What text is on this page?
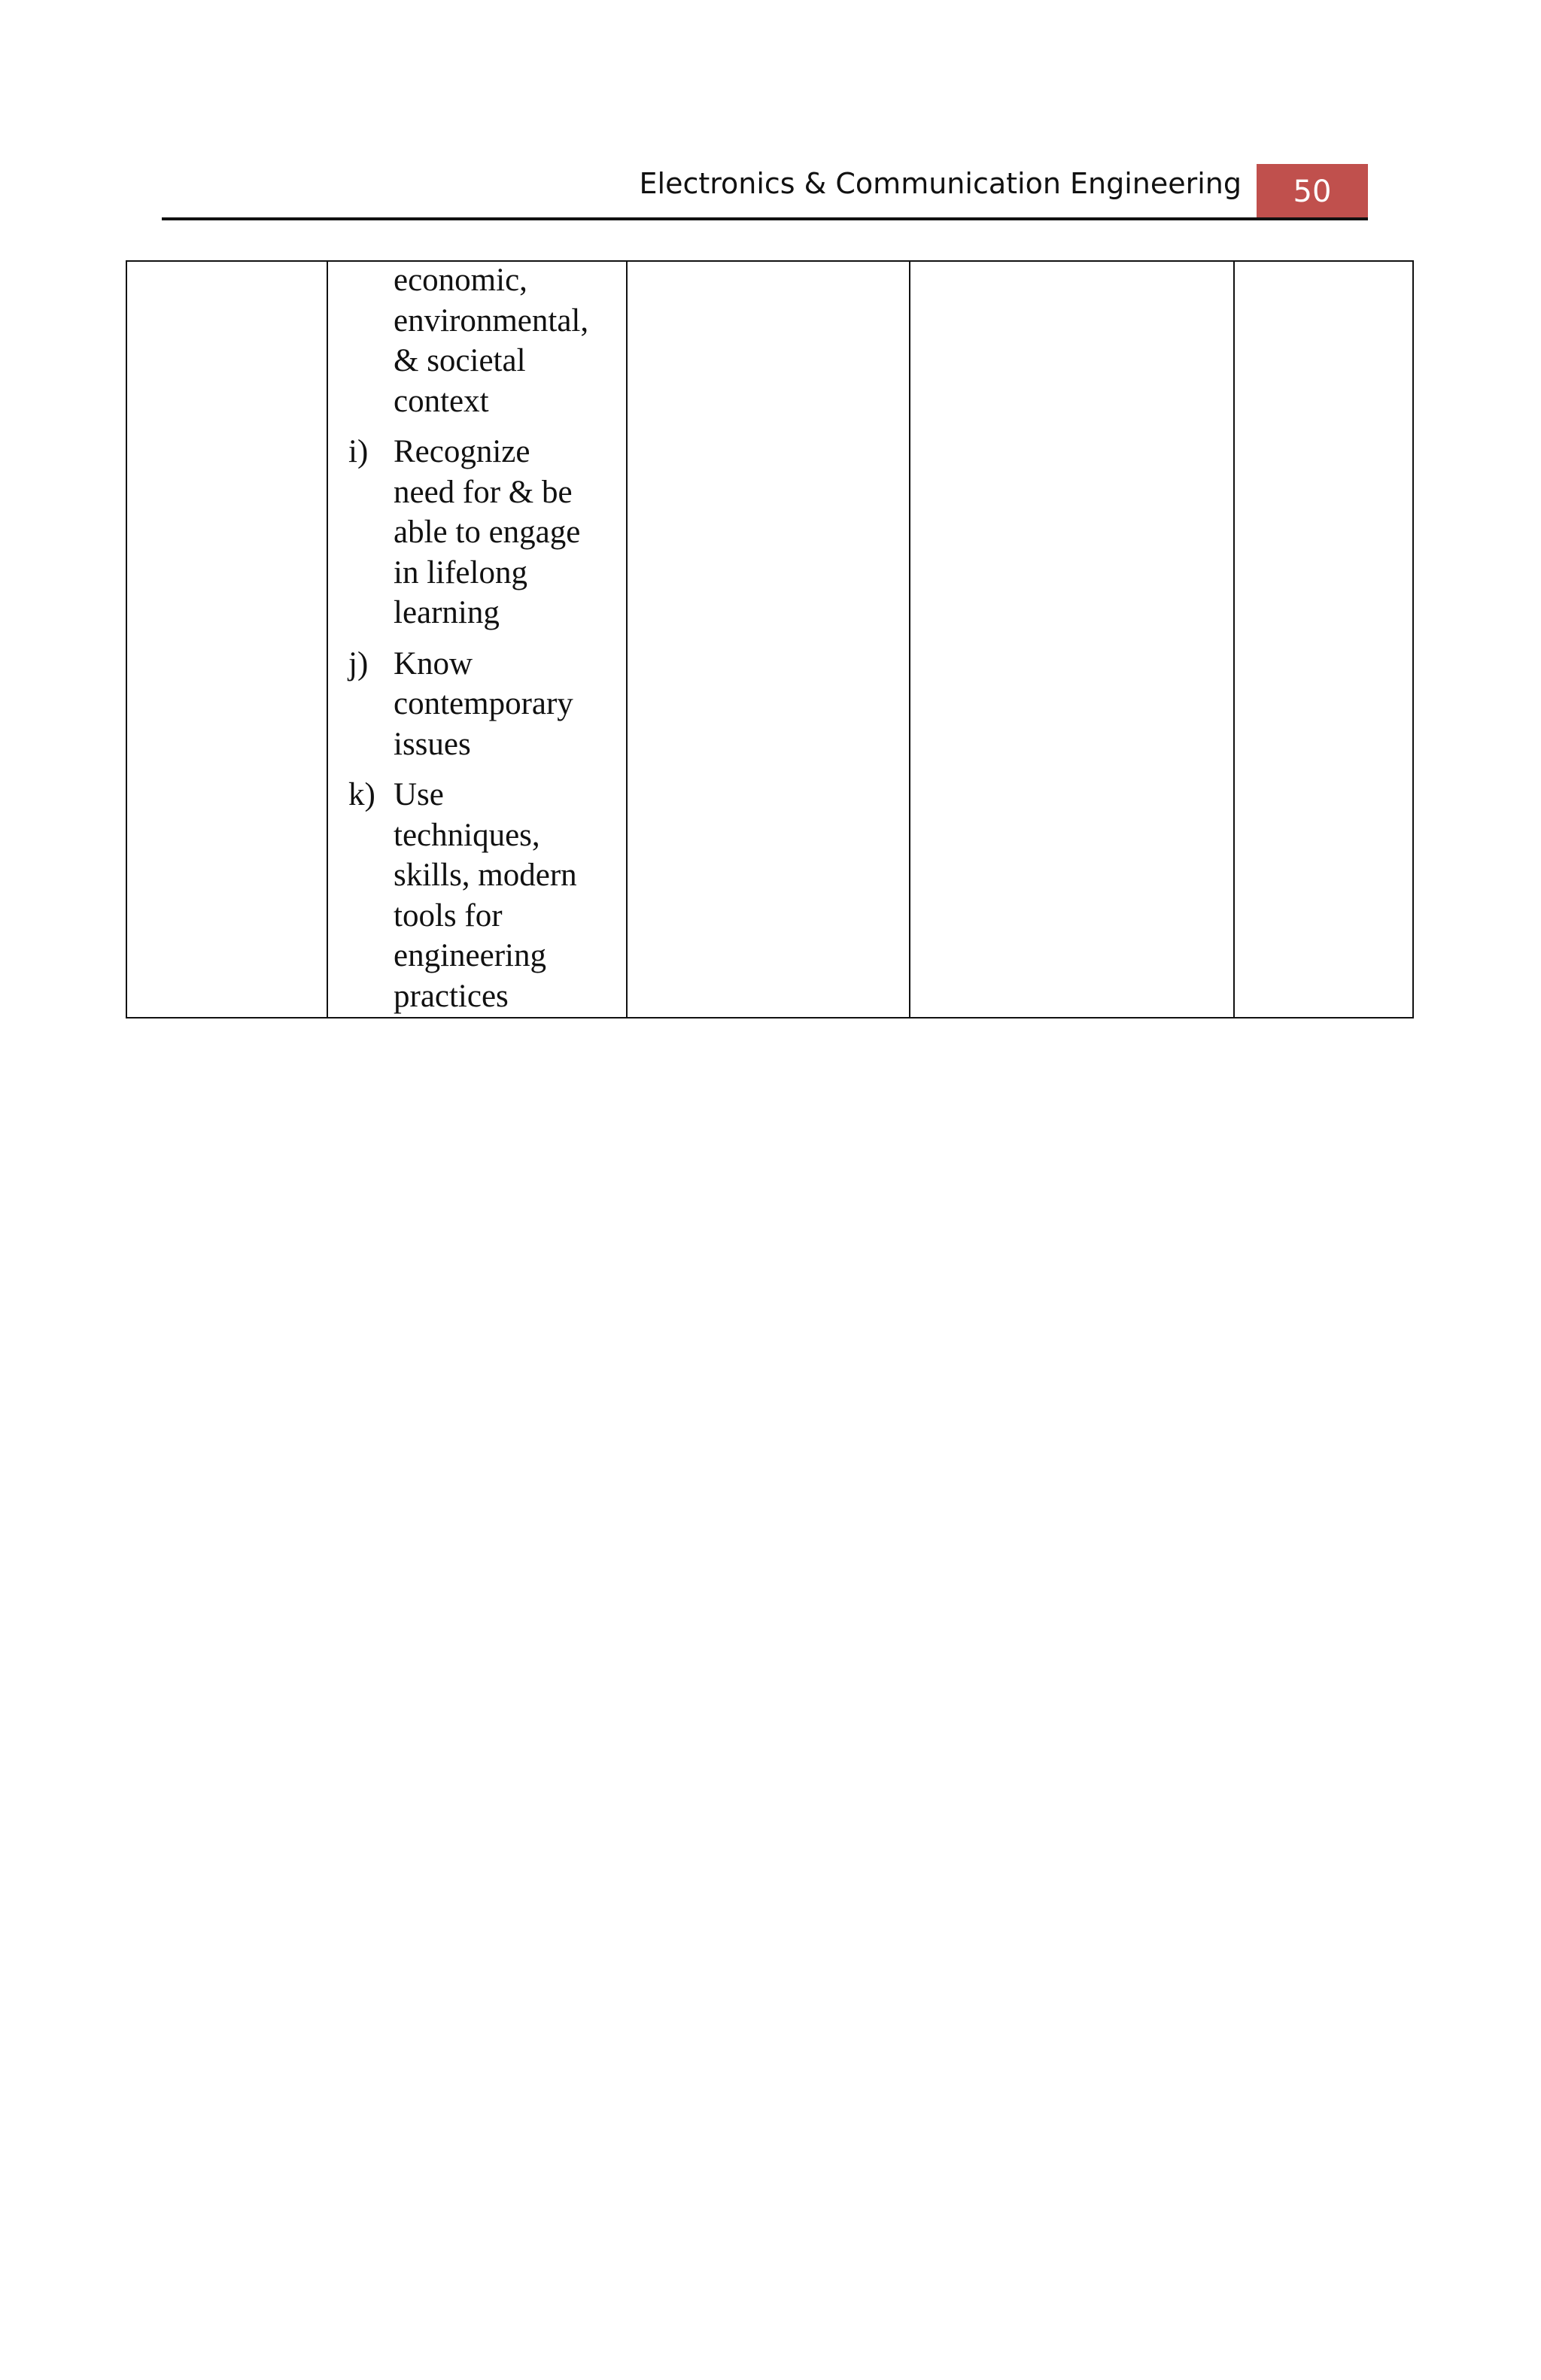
Electronics & Communication Engineering	50

economic,
environmental,
& societal
context
i) Recognize
need for & be
able to engage
in lifelong
learning
j) Know
contemporary
issues
k) Use
techniques,
skills, modern
tools for
engineering
practices
